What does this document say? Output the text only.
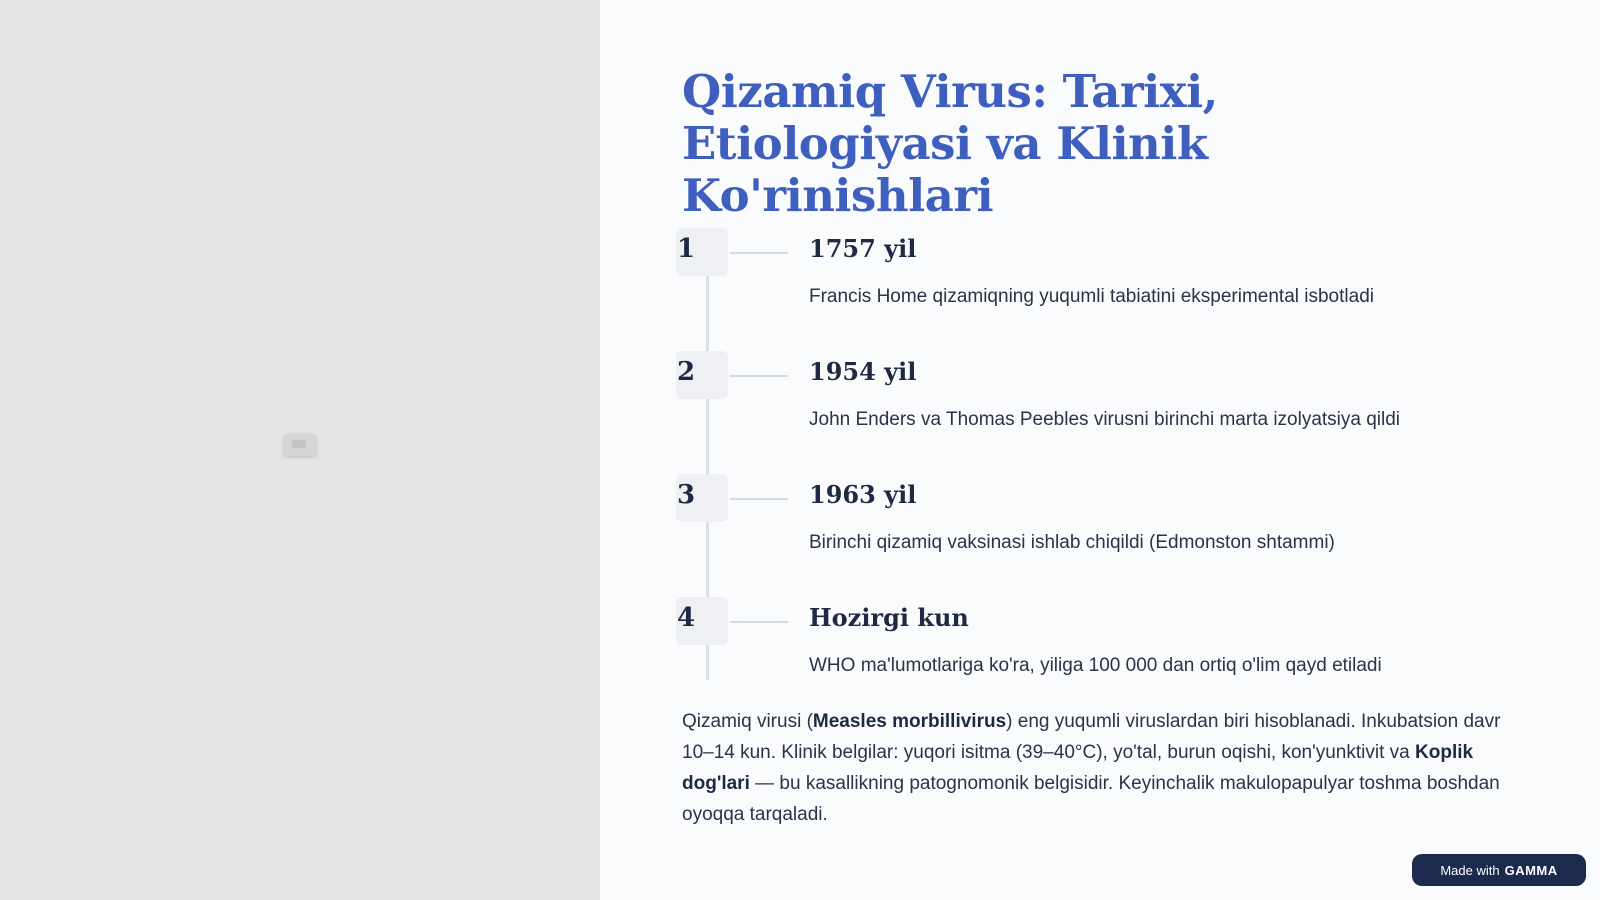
Qizamiq Virus: Tarixi, Etiologiyasi va Klinik Ko'rinishlari
1	1757 yil

Francis Home qizamiqning yuqumli tabiatini eksperimental isbotladi

2	1954 yil

John Enders va Thomas Peebles virusni birinchi marta izolyatsiya qildi

3	1963 yil

Birinchi qizamiq vaksinasi ishlab chiqildi (Edmonston shtammi)

4	Hozirgi kun

WHO ma'lumotlariga ko'ra, yiliga 100 000 dan ortiq o'lim qayd etiladi

Qizamiq virusi (Measles morbillivirus) eng yuqumli viruslardan biri hisoblanadi. Inkubatsion davr 10–14 kun. Klinik belgilar: yuqori isitma (39–40°C), yo'tal, burun oqishi, kon'yunktivit va Koplik dog'lari — bu kasallikning patognomonik belgisidir. Keyinchalik makulopapulyar toshma boshdan oyoqqa tarqaladi.

Made with GAMMA
